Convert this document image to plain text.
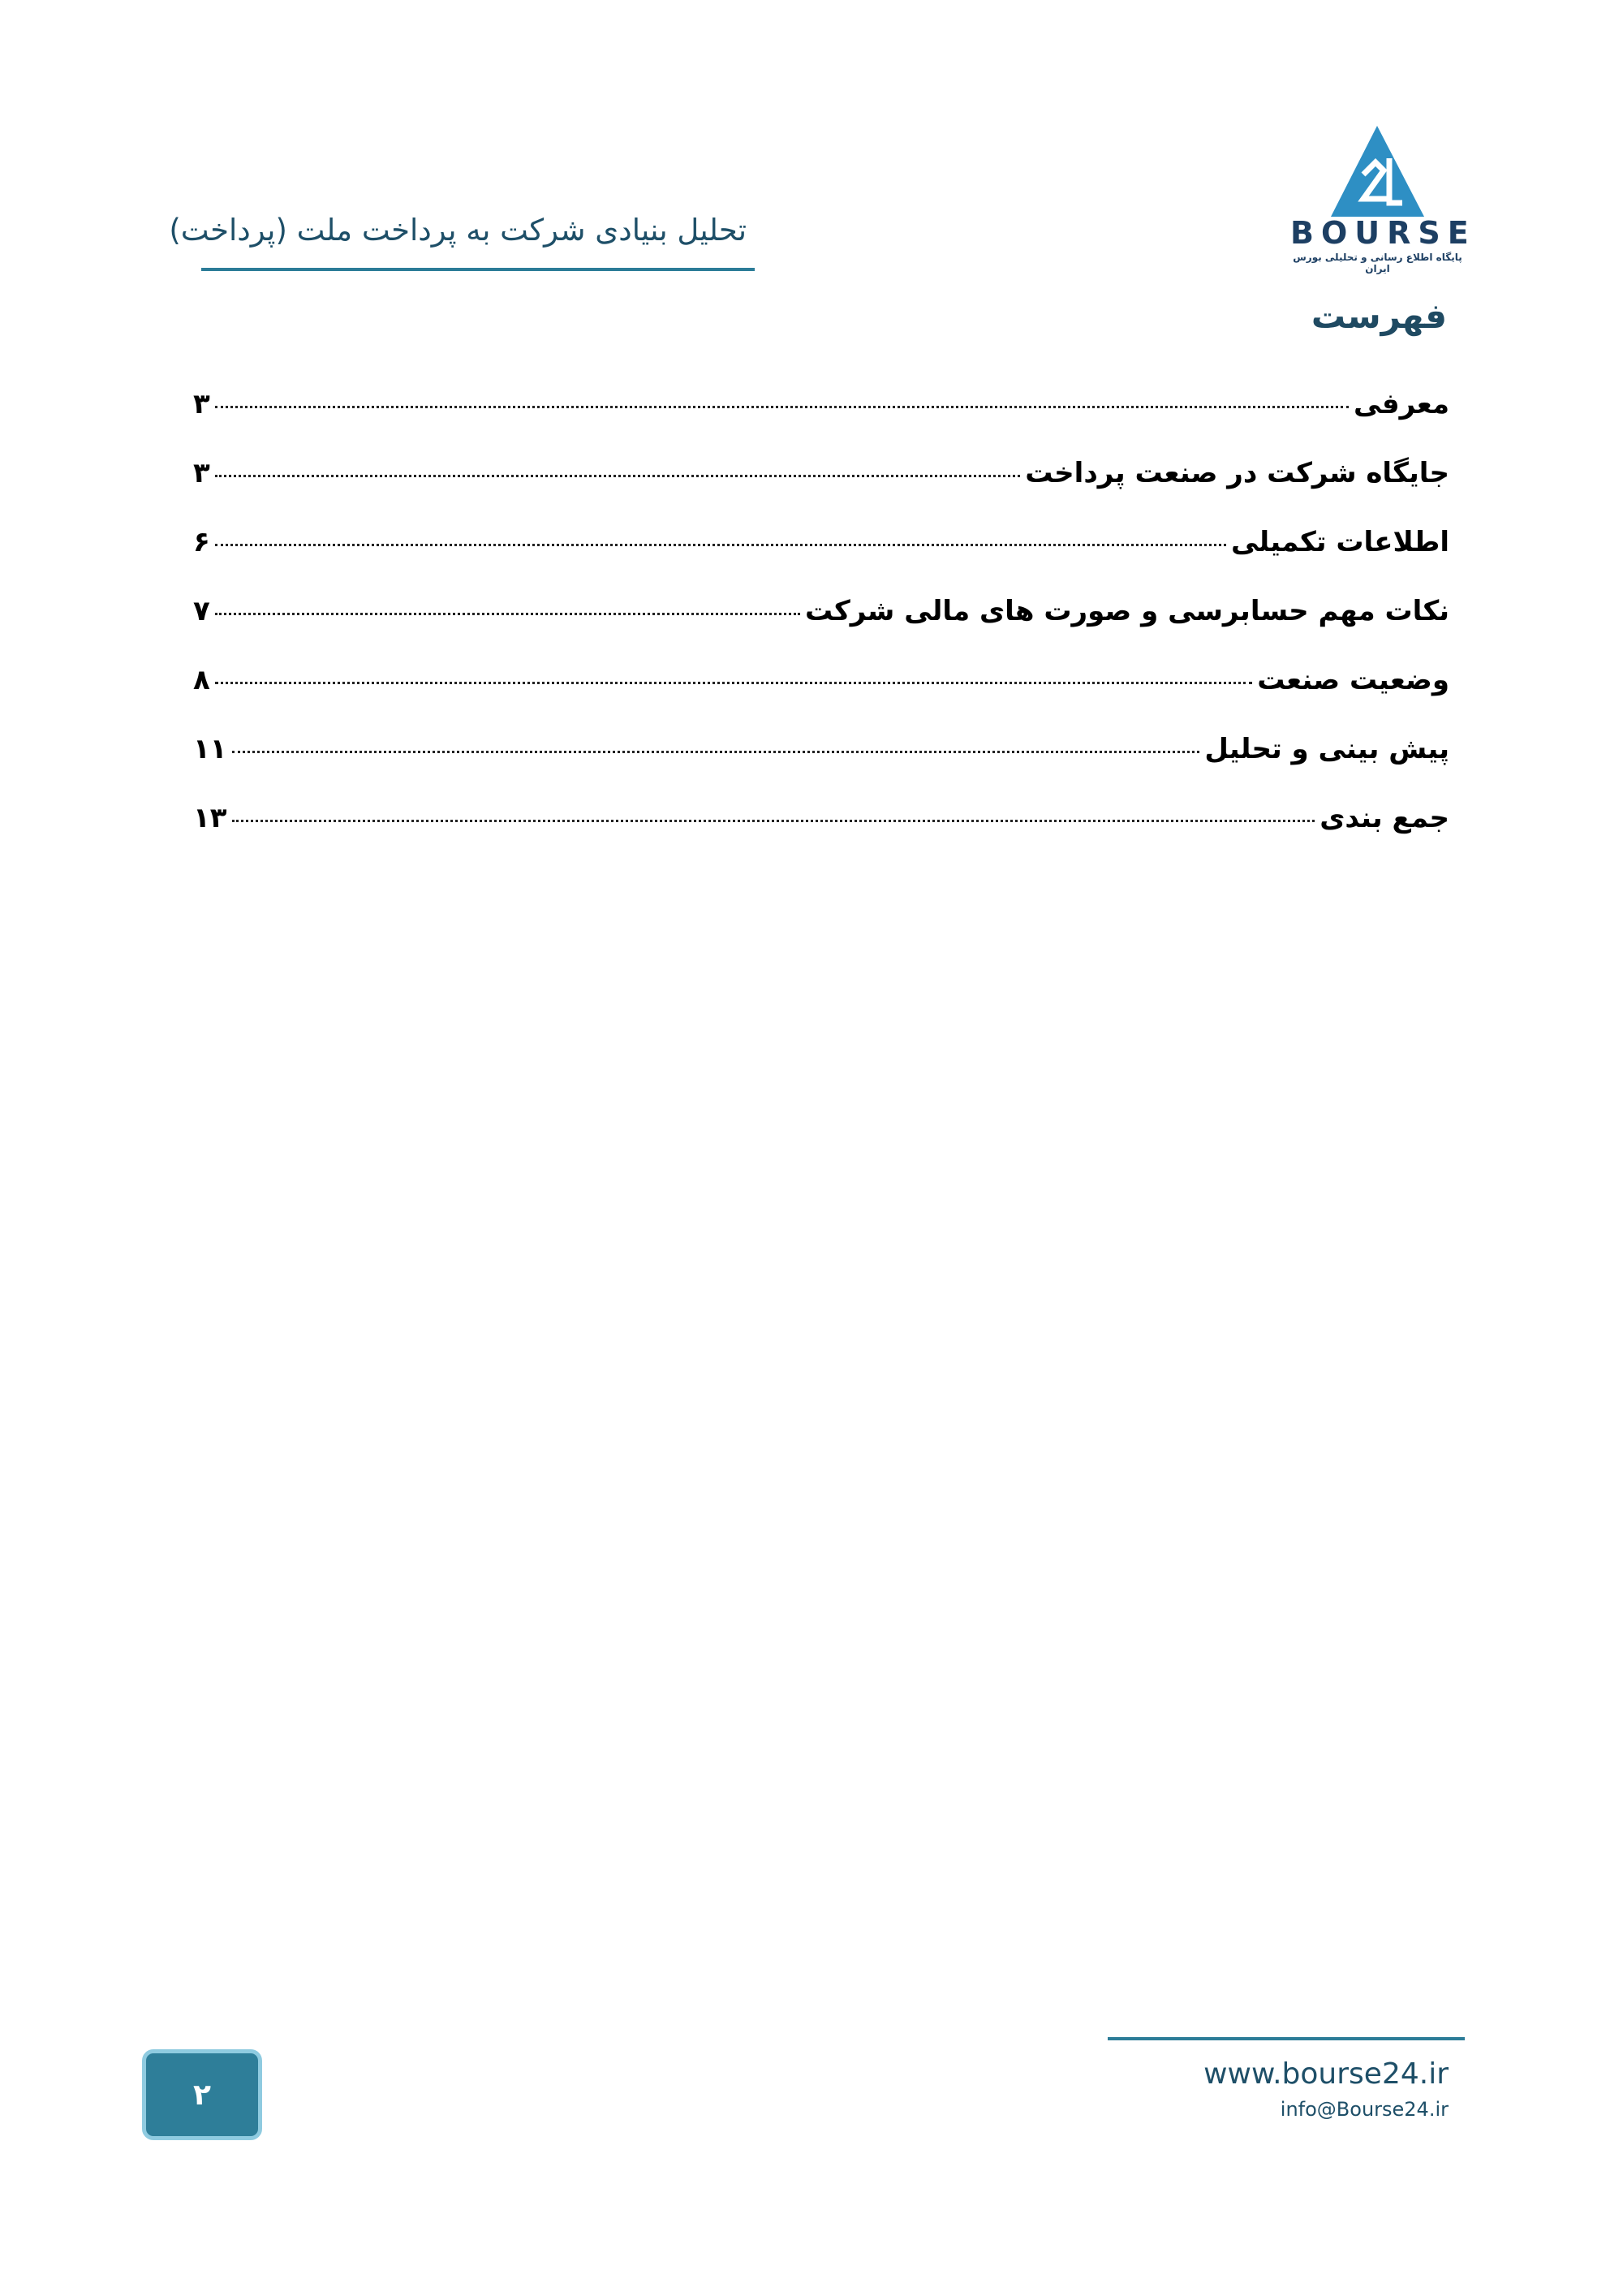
BOURSE
پایگاه اطلاع رسانی و تحلیلی بورس ایران
تحلیل بنیادی شرکت به پرداخت ملت (پرداخت)
فهرست
معرفی
۳
جایگاه شرکت در صنعت پرداخت
۳
اطلاعات تکمیلی
۶
نکات مهم حسابرسی و صورت های مالی شرکت
۷
وضعیت صنعت
۸
پیش بینی و تحلیل
۱۱
جمع بندی
۱۳
www.bourse24.ir
info@Bourse24.ir
۲
